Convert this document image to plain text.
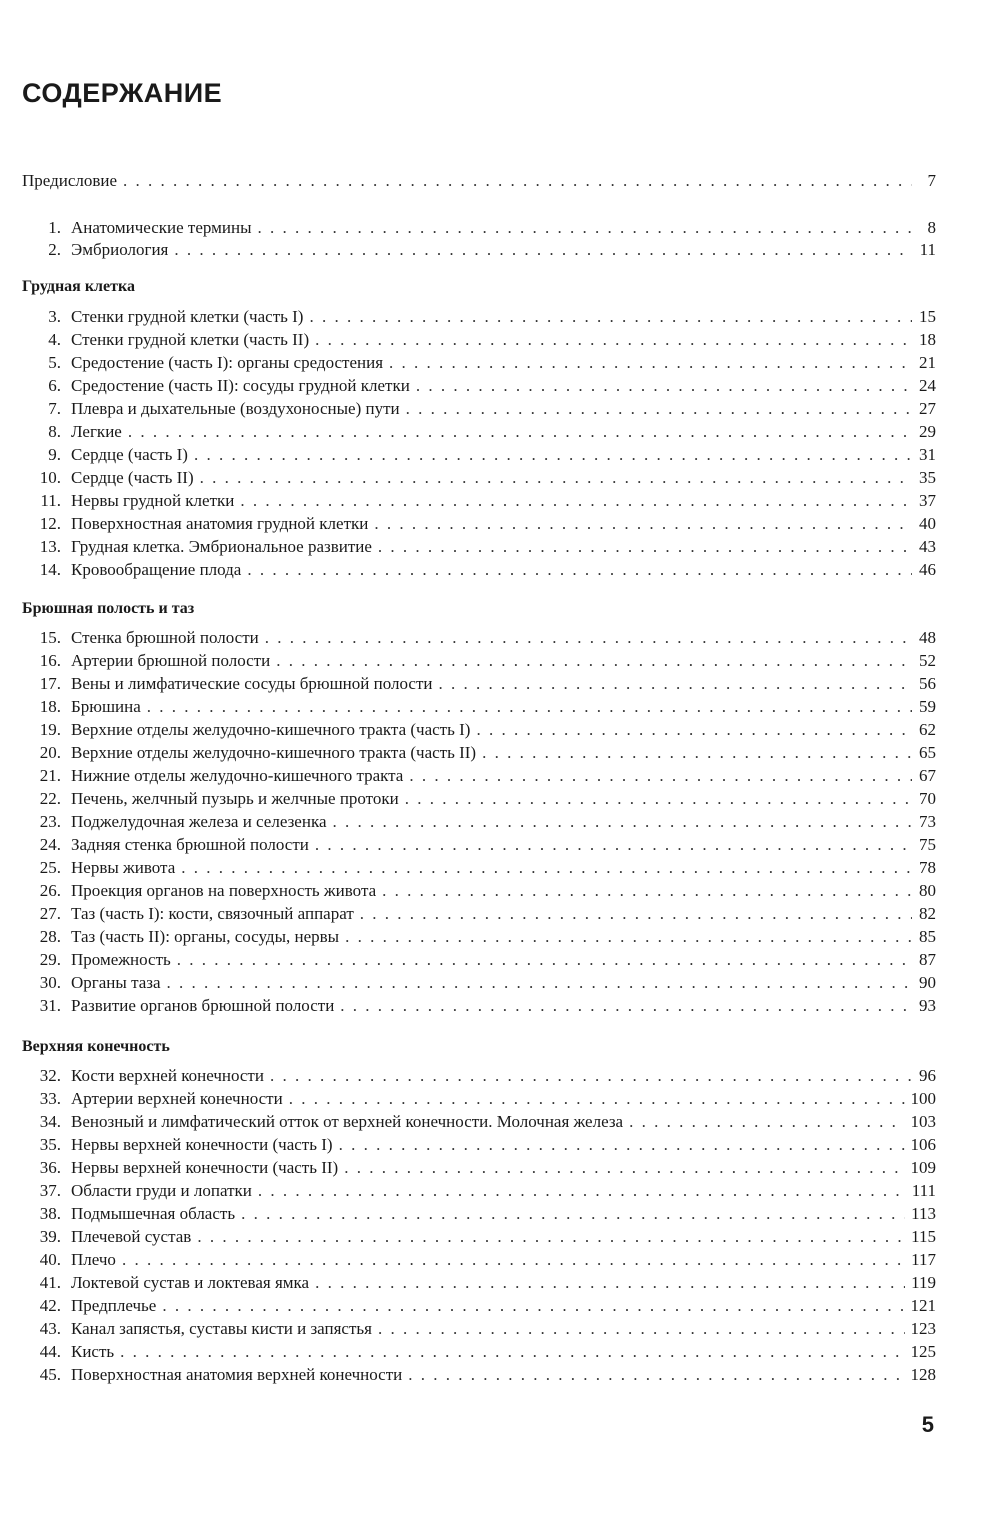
СОДЕРЖАНИЕ
Предисловие . . .	7
1. Анатомические термины . . .	8
2. Эмбриология . . .	11
Грудная клетка
3. Стенки грудной клетки (часть I) . . .	15
4. Стенки грудной клетки (часть II) . . .	18
5. Средостение (часть I): органы средостения . . .	21
6. Средостение (часть II): сосуды грудной клетки . . .	24
7. Плевра и дыхательные (воздухоносные) пути . . .	27
8. Легкие . . .	29
9. Сердце (часть I) . . .	31
10. Сердце (часть II) . . .	35
11. Нервы грудной клетки . . .	37
12. Поверхностная анатомия грудной клетки . . .	40
13. Грудная клетка. Эмбриональное развитие . . .	43
14. Кровообращение плода . . .	46
Брюшная полость и таз
15. Стенка брюшной полости . . .	48
16. Артерии брюшной полости . . .	52
17. Вены и лимфатические сосуды брюшной полости . . .	56
18. Брюшина . . .	59
19. Верхние отделы желудочно-кишечного тракта (часть I) . . .	62
20. Верхние отделы желудочно-кишечного тракта (часть II) . . .	65
21. Нижние отделы желудочно-кишечного тракта . . .	67
22. Печень, желчный пузырь и желчные протоки . . .	70
23. Поджелудочная железа и селезенка . . .	73
24. Задняя стенка брюшной полости . . .	75
25. Нервы живота . . .	78
26. Проекция органов на поверхность живота . . .	80
27. Таз (часть I): кости, связочный аппарат . . .	82
28. Таз (часть II): органы, сосуды, нервы . . .	85
29. Промежность . . .	87
30. Органы таза . . .	90
31. Развитие органов брюшной полости . . .	93
Верхняя конечность
32. Кости верхней конечности . . .	96
33. Артерии верхней конечности . . .	100
34. Венозный и лимфатический отток от верхней конечности. Молочная железа . . .	103
35. Нервы верхней конечности (часть I) . . .	106
36. Нервы верхней конечности (часть II) . . .	109
37. Области груди и лопатки . . .	111
38. Подмышечная область . . .	113
39. Плечевой сустав . . .	115
40. Плечо . . .	117
41. Локтевой сустав и локтевая ямка . . .	119
42. Предплечье . . .	121
43. Канал запястья, суставы кисти и запястья . . .	123
44. Кисть . . .	125
45. Поверхностная анатомия верхней конечности . . .	128
5
